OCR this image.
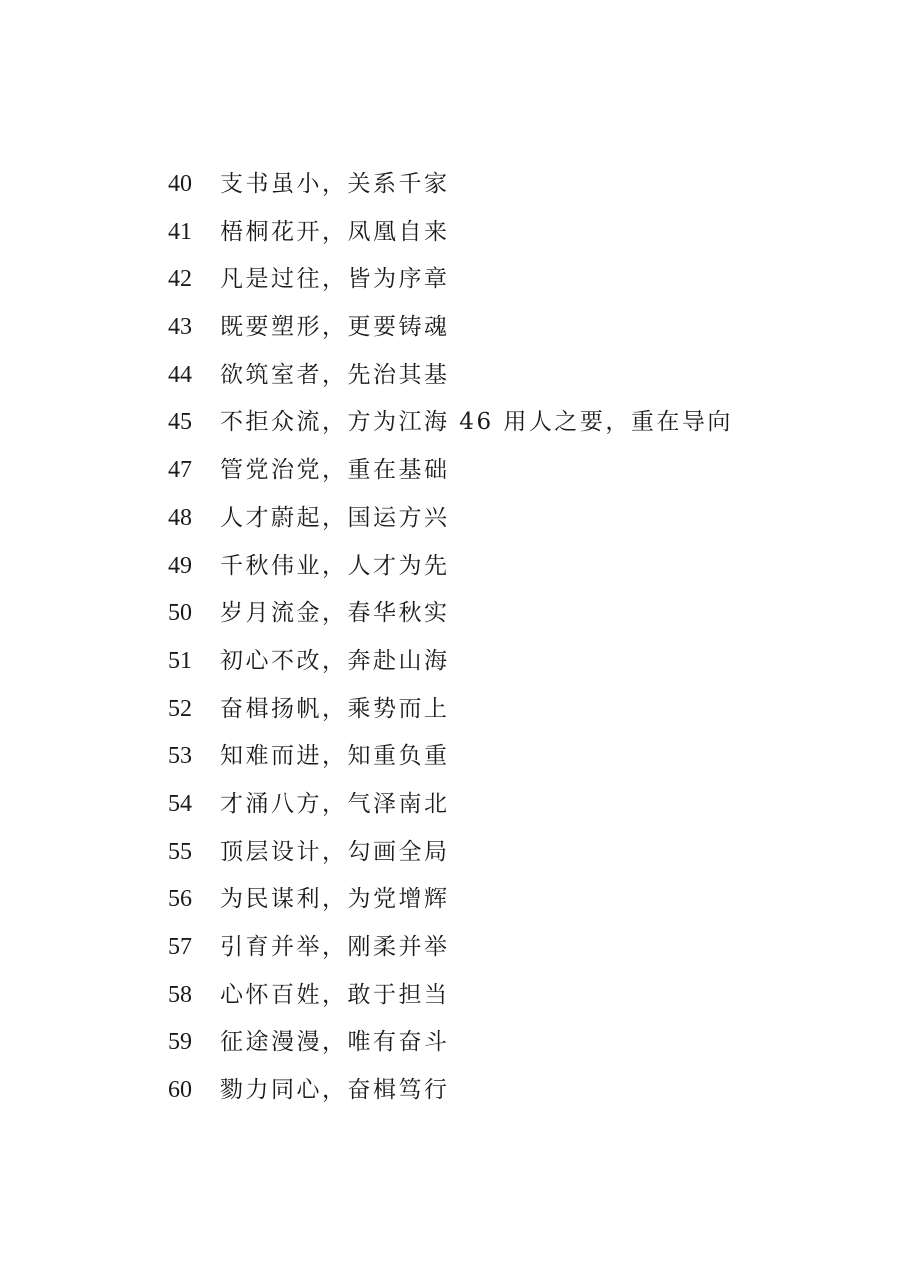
40 支书虽小，关系千家
41 梧桐花开，凤凰自来
42 凡是过往，皆为序章
43 既要塑形，更要铸魂
44 欲筑室者，先治其基
45 不拒众流，方为江海 46 用人之要，重在导向
47 管党治党，重在基础
48 人才蔚起，国运方兴
49 千秋伟业，人才为先
50 岁月流金，春华秋实
51 初心不改，奔赴山海
52 奋楫扬帆，乘势而上
53 知难而进，知重负重
54 才涌八方，气泽南北
55 顶层设计，勾画全局
56 为民谋利，为党增辉
57 引育并举，刚柔并举
58 心怀百姓，敢于担当
59 征途漫漫，唯有奋斗
60 勠力同心，奋楫笃行
